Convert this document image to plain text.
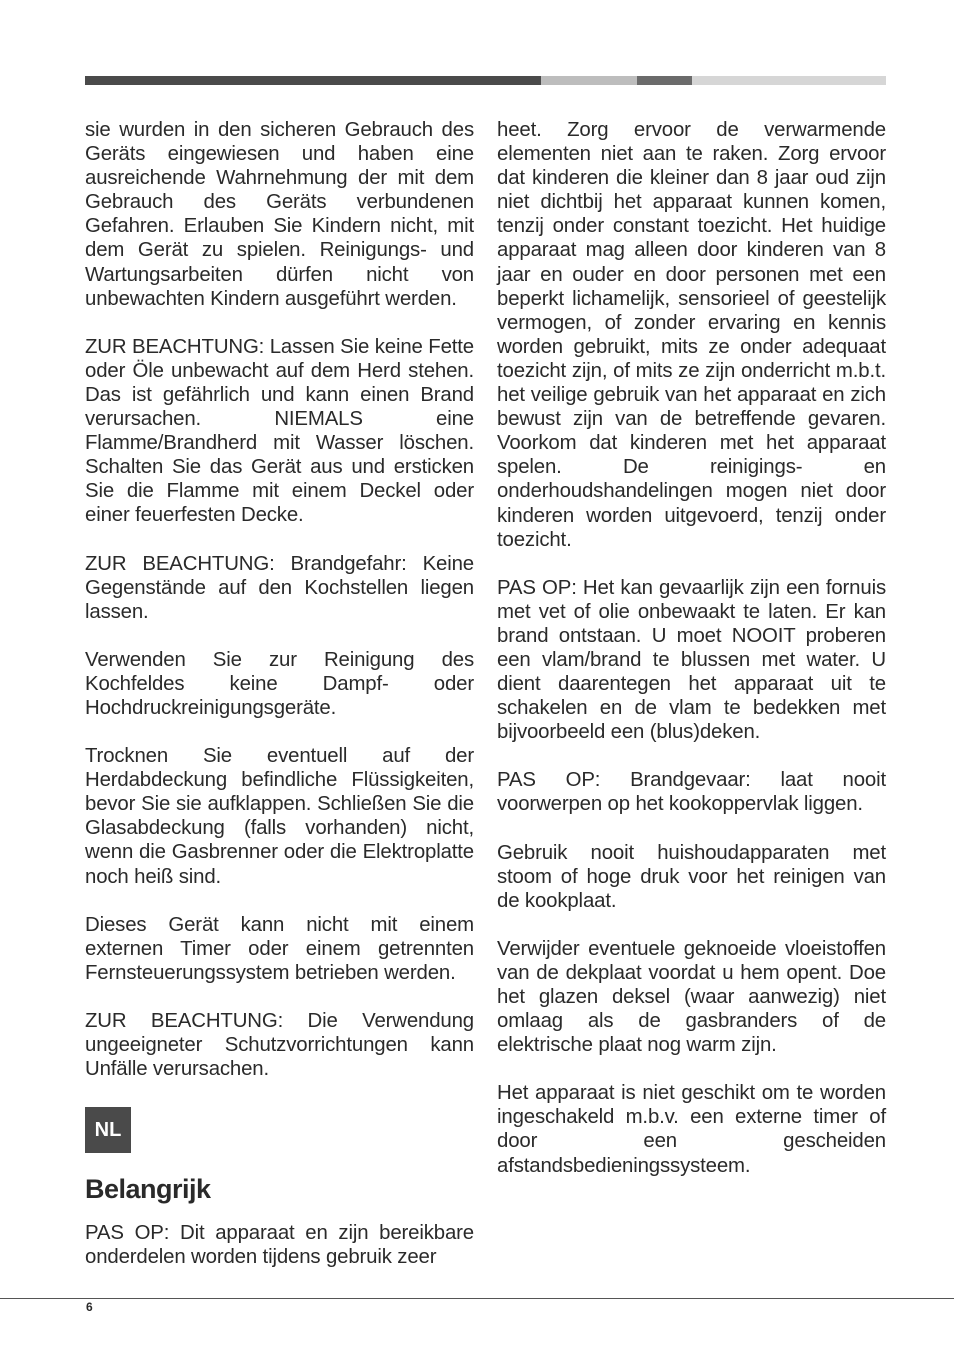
sie wurden in den sicheren Gebrauch des Geräts eingewiesen und haben eine ausreichende Wahrnehmung der mit dem Gebrauch des Geräts verbundenen Gefahren. Erlauben Sie Kindern nicht, mit dem Gerät zu spielen. Reinigungs- und Wartungsarbeiten dürfen nicht von unbewachten Kindern ausgeführt werden.

ZUR BEACHTUNG: Lassen Sie keine Fette oder Öle unbewacht auf dem Herd stehen. Das ist gefährlich und kann einen Brand verursachen. NIEMALS eine Flamme/Brandherd mit Wasser löschen. Schalten Sie das Gerät aus und ersticken Sie die Flamme mit einem Deckel oder einer feuerfesten Decke.

ZUR BEACHTUNG: Brandgefahr: Keine Gegenstände auf den Kochstellen liegen lassen.

Verwenden Sie zur Reinigung des Kochfeldes keine Dampf- oder Hochdruckreinigungsgeräte.

Trocknen Sie eventuell auf der Herdabdeckung befindliche Flüssigkeiten, bevor Sie sie aufklappen. Schließen Sie die Glasabdeckung (falls vorhanden) nicht, wenn die Gasbrenner oder die Elektroplatte noch heiß sind.

Dieses Gerät kann nicht mit einem externen Timer oder einem getrennten Fernsteuerungssystem betrieben werden.

ZUR BEACHTUNG: Die Verwendung ungeeigneter Schutzvorrichtungen kann Unfälle verursachen.

NL
Belangrijk

PAS OP: Dit apparaat en zijn bereikbare onderdelen worden tijdens gebruik zeer

heet. Zorg ervoor de verwarmende elementen niet aan te raken. Zorg ervoor dat kinderen die kleiner dan 8 jaar oud zijn niet dichtbij het apparaat kunnen komen, tenzij onder constant toezicht. Het huidige apparaat mag alleen door kinderen van 8 jaar en ouder en door personen met een beperkt lichamelijk, sensorieel of geestelijk vermogen, of zonder ervaring en kennis worden gebruikt, mits ze onder adequaat toezicht zijn, of mits ze zijn onderricht m.b.t. het veilige gebruik van het apparaat en zich bewust zijn van de betreffende gevaren. Voorkom dat kinderen met het apparaat spelen. De reinigings- en onderhoudshandelingen mogen niet door kinderen worden uitgevoerd, tenzij onder toezicht.

PAS OP: Het kan gevaarlijk zijn een fornuis met vet of olie onbewaakt te laten. Er kan brand ontstaan. U moet NOOIT proberen een vlam/brand te blussen met water. U dient daarentegen het apparaat uit te schakelen en de vlam te bedekken met bijvoorbeeld een (blus)deken.

PAS OP: Brandgevaar: laat nooit voorwerpen op het kookoppervlak liggen.

Gebruik nooit huishoudapparaten met stoom of hoge druk voor het reinigen van de kookplaat.

Verwijder eventuele geknoeide vloeistoffen van de dekplaat voordat u hem opent. Doe het glazen deksel (waar aanwezig) niet omlaag als de gasbranders of de elektrische plaat nog warm zijn.

Het apparaat is niet geschikt om te worden ingeschakeld m.b.v. een externe timer of door een gescheiden afstandsbedieningssysteem.

6
